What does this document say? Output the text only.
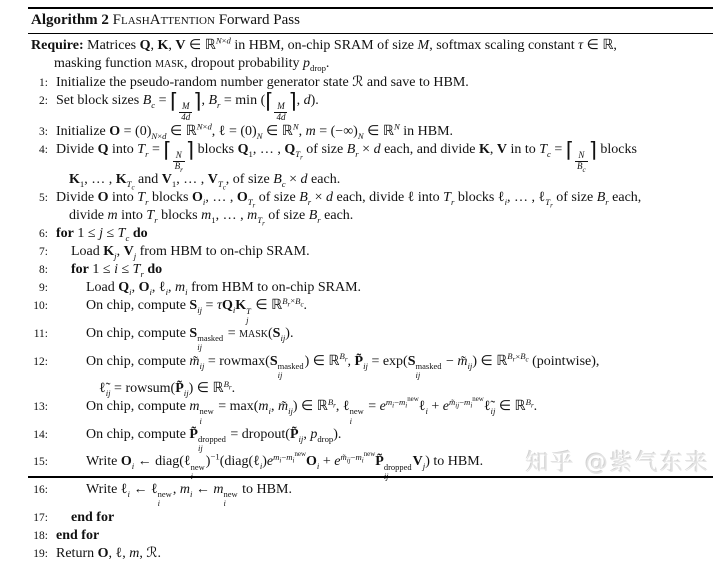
Algorithm 2 FlashAttention Forward Pass
Require: Matrices Q, K, V ∈ ℝ$^{N\times d}$ in HBM, on-chip SRAM of size M, softmax scaling constant τ ∈ ℝ,
masking function mask, dropout probability $p_{drop}$.
1: Initialize the pseudo-random number generator state ℛ and save to HBM.
2: Set block sizes $B_c$ = ⌈ $\frac{M}{4d}$ ⌉, $B_r = \min$ (⌈ $\frac{M}{4d}$ ⌉, d).
3: Initialize $O = (0)_{N\times d}$ ∈ ℝ$^{N\times d}$, ℓ = $(0)_N$ ∈ ℝ$^N$, $m = (-\infty)_N$ ∈ ℝ$^N$ in HBM.
4: Divide Q into $T_r$ = ⌈ $\frac{N}{B_r}$ ⌉ blocks $Q_1$, … , $Q_{T_r}$ of size $B_r \times d$ each, and divide K, V in to $T_c$ = ⌈ $\frac{N}{B_c}$ ⌉ blocks
$K_1$, … , $K_{T_c}$ and $V_1$, … , $V_{T_c}$, of size $B_c \times d$ each.
5: Divide O into $T_r$ blocks $O_i$, … , $O_{T_r}$ of size $B_r \times d$ each, divide ℓ into $T_r$ blocks ℓ$_i$, … , ℓ$_{T_r}$ of size $B_r$ each,
divide m into $T_r$ blocks $m_1$, … , $m_{T_r}$ of size $B_r$ each.
6: for $1 \le j \le T_c$ do
7:	Load $K_j$, $V_j$ from HBM to on-chip SRAM.
8:	for $1 \le i \le T_r$ do
9:	Load $Q_i$, $O_i$, ℓ$_i$, $m_i$ from HBM to on-chip SRAM.
10:	On chip, compute $S_{ij} = \tau Q_iK$ T
j
∈ ℝ$^{B_r\times B_c}$.
11:	On chip, compute S masked
ij
= $mask(S_{ij})$.
12:	On chip, compute $m̃_{ij} = rowmax(S$ masked
ij
) ∈ ℝ$^{B_r}$, $P̃_{ij} = \exp(S$ masked
ij
− $m̃_{ij}$) ∈ ℝ$^{B_r\times B_c}$ (pointwise),
$\ell̃_{ij}$ = $rowsum(P̃_{ij})$ ∈ ℝ$^{B_r}$.
13:	On chip, compute m new
i
= $\max(m_i$, $m̃_{ij}$) ∈ ℝ$^{B_r}$, ℓ new
i
= $e^{m_i-m_i^{new}}\ell_i$ + $e^{m̃_{ij}-m_i^{new}}\ell̃_{ij}$ ∈ ℝ$^{B_r}$.
14:	On chip, compute P̃ dropped
ij
= $dropout(P̃_{ij}$, $p_{drop}$).
15:	Write $O_i$ ← diag(ℓ new
i
)$^{-1}(diag(\ell_i)e^{m_i-m_i^{new}}O_i$ + $e^{m̃_{ij}-m_i^{new}}P̃$ dropped
ij
$V_j$) to HBM.
16:	Write ℓ$_i$ ← ℓ new
i
, $m_i$ ← m new
i
to HBM.
17:	end for
18: end for
19: Return O, ℓ, m, ℛ.
知乎 @紫气东来
